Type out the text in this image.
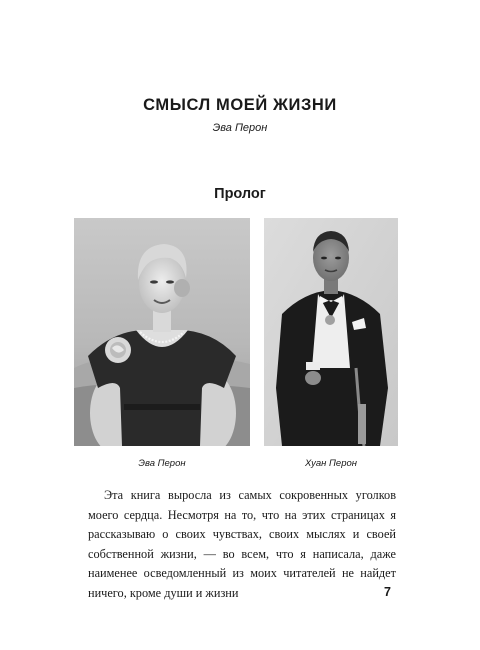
СМЫСЛ МОЕЙ ЖИЗНИ
Эва Перон
Пролог
Эва Перон	Хуан Перон

Эта книга выросла из самых сокровенных уголков моего сердца. Несмотря на то, что на этих страницах я рассказываю о своих чувствах, своих мыслях и своей собственной жизни, — во всем, что я написала, даже наименее осведомленный из моих читателей не найдет ничего, кроме души и жизни	7
